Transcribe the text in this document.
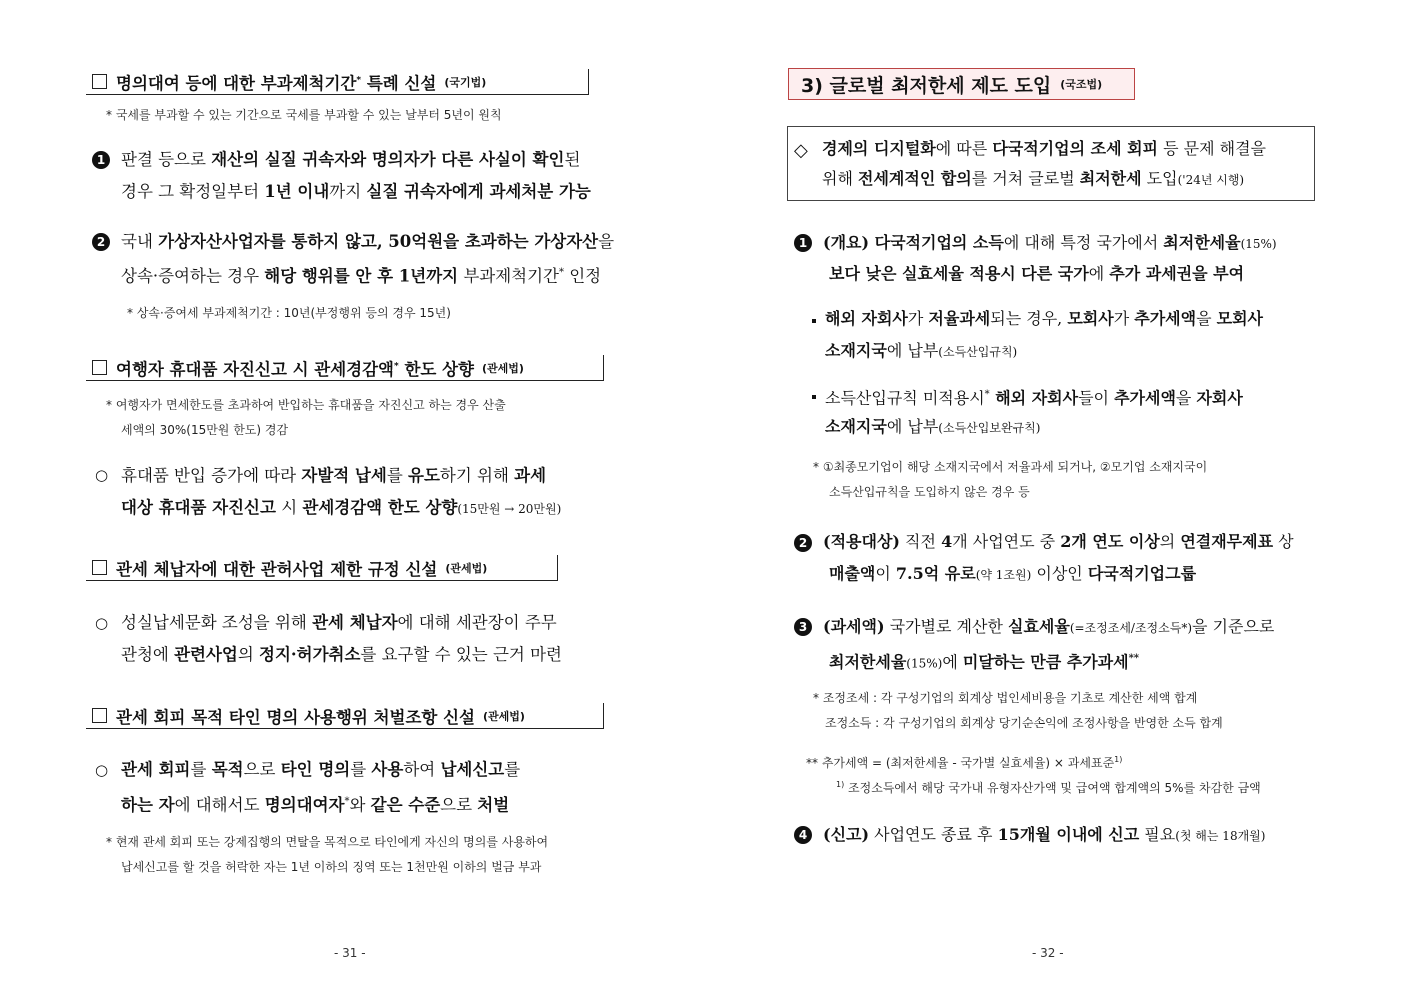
명의대여 등에 대한 부과제척기간* 특례 신설 (국기법)
* 국세를 부과할 수 있는 기간으로 국세를 부과할 수 있는 날부터 5년이 원칙
1 판결 등으로 재산의 실질 귀속자와 명의자가 다른 사실이 확인된
경우 그 확정일부터 1년 이내까지 실질 귀속자에게 과세처분 가능
2 국내 가상자산사업자를 통하지 않고, 50억원을 초과하는 가상자산을
상속·증여하는 경우 해당 행위를 안 후 1년까지 부과제척기간* 인정
* 상속·증여세 부과제척기간 : 10년(부정행위 등의 경우 15년)
여행자 휴대품 자진신고 시 관세경감액* 한도 상향 (관세법)
* 여행자가 면세한도를 초과하여 반입하는 휴대품을 자진신고 하는 경우 산출
세액의 30%(15만원 한도) 경감
○ 휴대품 반입 증가에 따라 자발적 납세를 유도하기 위해 과세
대상 휴대품 자진신고 시 관세경감액 한도 상향(15만원 → 20만원)
관세 체납자에 대한 관허사업 제한 규정 신설 (관세법)
○ 성실납세문화 조성을 위해 관세 체납자에 대해 세관장이 주무
관청에 관련사업의 정지·허가취소를 요구할 수 있는 근거 마련
관세 회피 목적 타인 명의 사용행위 처벌조항 신설 (관세법)
○ 관세 회피를 목적으로 타인 명의를 사용하여 납세신고를
하는 자에 대해서도 명의대여자*와 같은 수준으로 처벌
* 현재 관세 회피 또는 강제집행의 면탈을 목적으로 타인에게 자신의 명의를 사용하여
납세신고를 할 것을 허락한 자는 1년 이하의 징역 또는 1천만원 이하의 벌금 부과
- 31 -
3) 글로벌 최저한세 제도 도입 (국조법)
◇ 경제의 디지털화에 따른 다국적기업의 조세 회피 등 문제 해결을
위해 전세계적인 합의를 거쳐 글로벌 최저한세 도입('24년 시행)
1 (개요) 다국적기업의 소득에 대해 특정 국가에서 최저한세율(15%)
보다 낮은 실효세율 적용시 다른 국가에 추가 과세권을 부여
해외 자회사가 저율과세되는 경우, 모회사가 추가세액을 모회사
소재지국에 납부(소득산입규칙)
소득산입규칙 미적용시* 해외 자회사들이 추가세액을 자회사
소재지국에 납부(소득산입보완규칙)
* ①최종모기업이 해당 소재지국에서 저율과세 되거나, ②모기업 소재지국이
소득산입규칙을 도입하지 않은 경우 등
2 (적용대상) 직전 4개 사업연도 중 2개 연도 이상의 연결재무제표 상
매출액이 7.5억 유로(약 1조원) 이상인 다국적기업그룹
3 (과세액) 국가별로 계산한 실효세율(=조정조세/조정소득*)을 기준으로
최저한세율(15%)에 미달하는 만큼 추가과세**
* 조정조세 : 각 구성기업의 회계상 법인세비용을 기초로 계산한 세액 합계
조정소득 : 각 구성기업의 회계상 당기순손익에 조정사항을 반영한 소득 합계
** 추가세액 = (최저한세율 - 국가별 실효세율) × 과세표준$^{1)}$
$^{1)}$ 조정소득에서 해당 국가내 유형자산가액 및 급여액 합계액의 5%를 차감한 금액
4 (신고) 사업연도 종료 후 15개월 이내에 신고 필요(첫 해는 18개월)
- 32 -
